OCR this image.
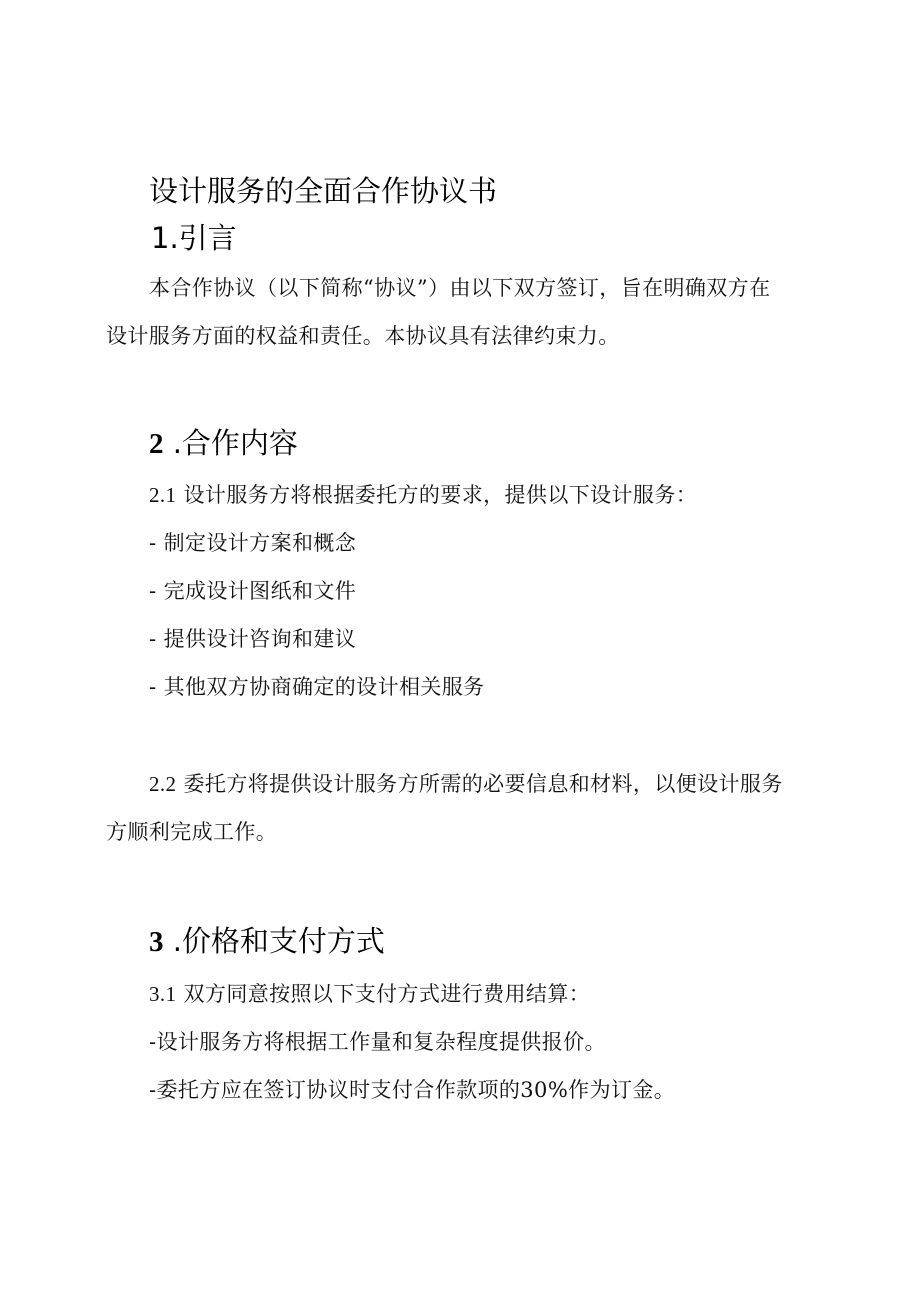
设计服务的全面合作协议书
1.引言
本合作协议（以下简称“协议”）由以下双方签订，旨在明确双方在
设计服务方面的权益和责任。本协议具有法律约束力。
2 .合作内容
2.1 设计服务方将根据委托方的要求，提供以下设计服务：
- 制定设计方案和概念
- 完成设计图纸和文件
- 提供设计咨询和建议
- 其他双方协商确定的设计相关服务
2.2 委托方将提供设计服务方所需的必要信息和材料，以便设计服务
方顺利完成工作。
3 .价格和支付方式
3.1 双方同意按照以下支付方式进行费用结算：
-设计服务方将根据工作量和复杂程度提供报价。
-委托方应在签订协议时支付合作款项的30%作为订金。
